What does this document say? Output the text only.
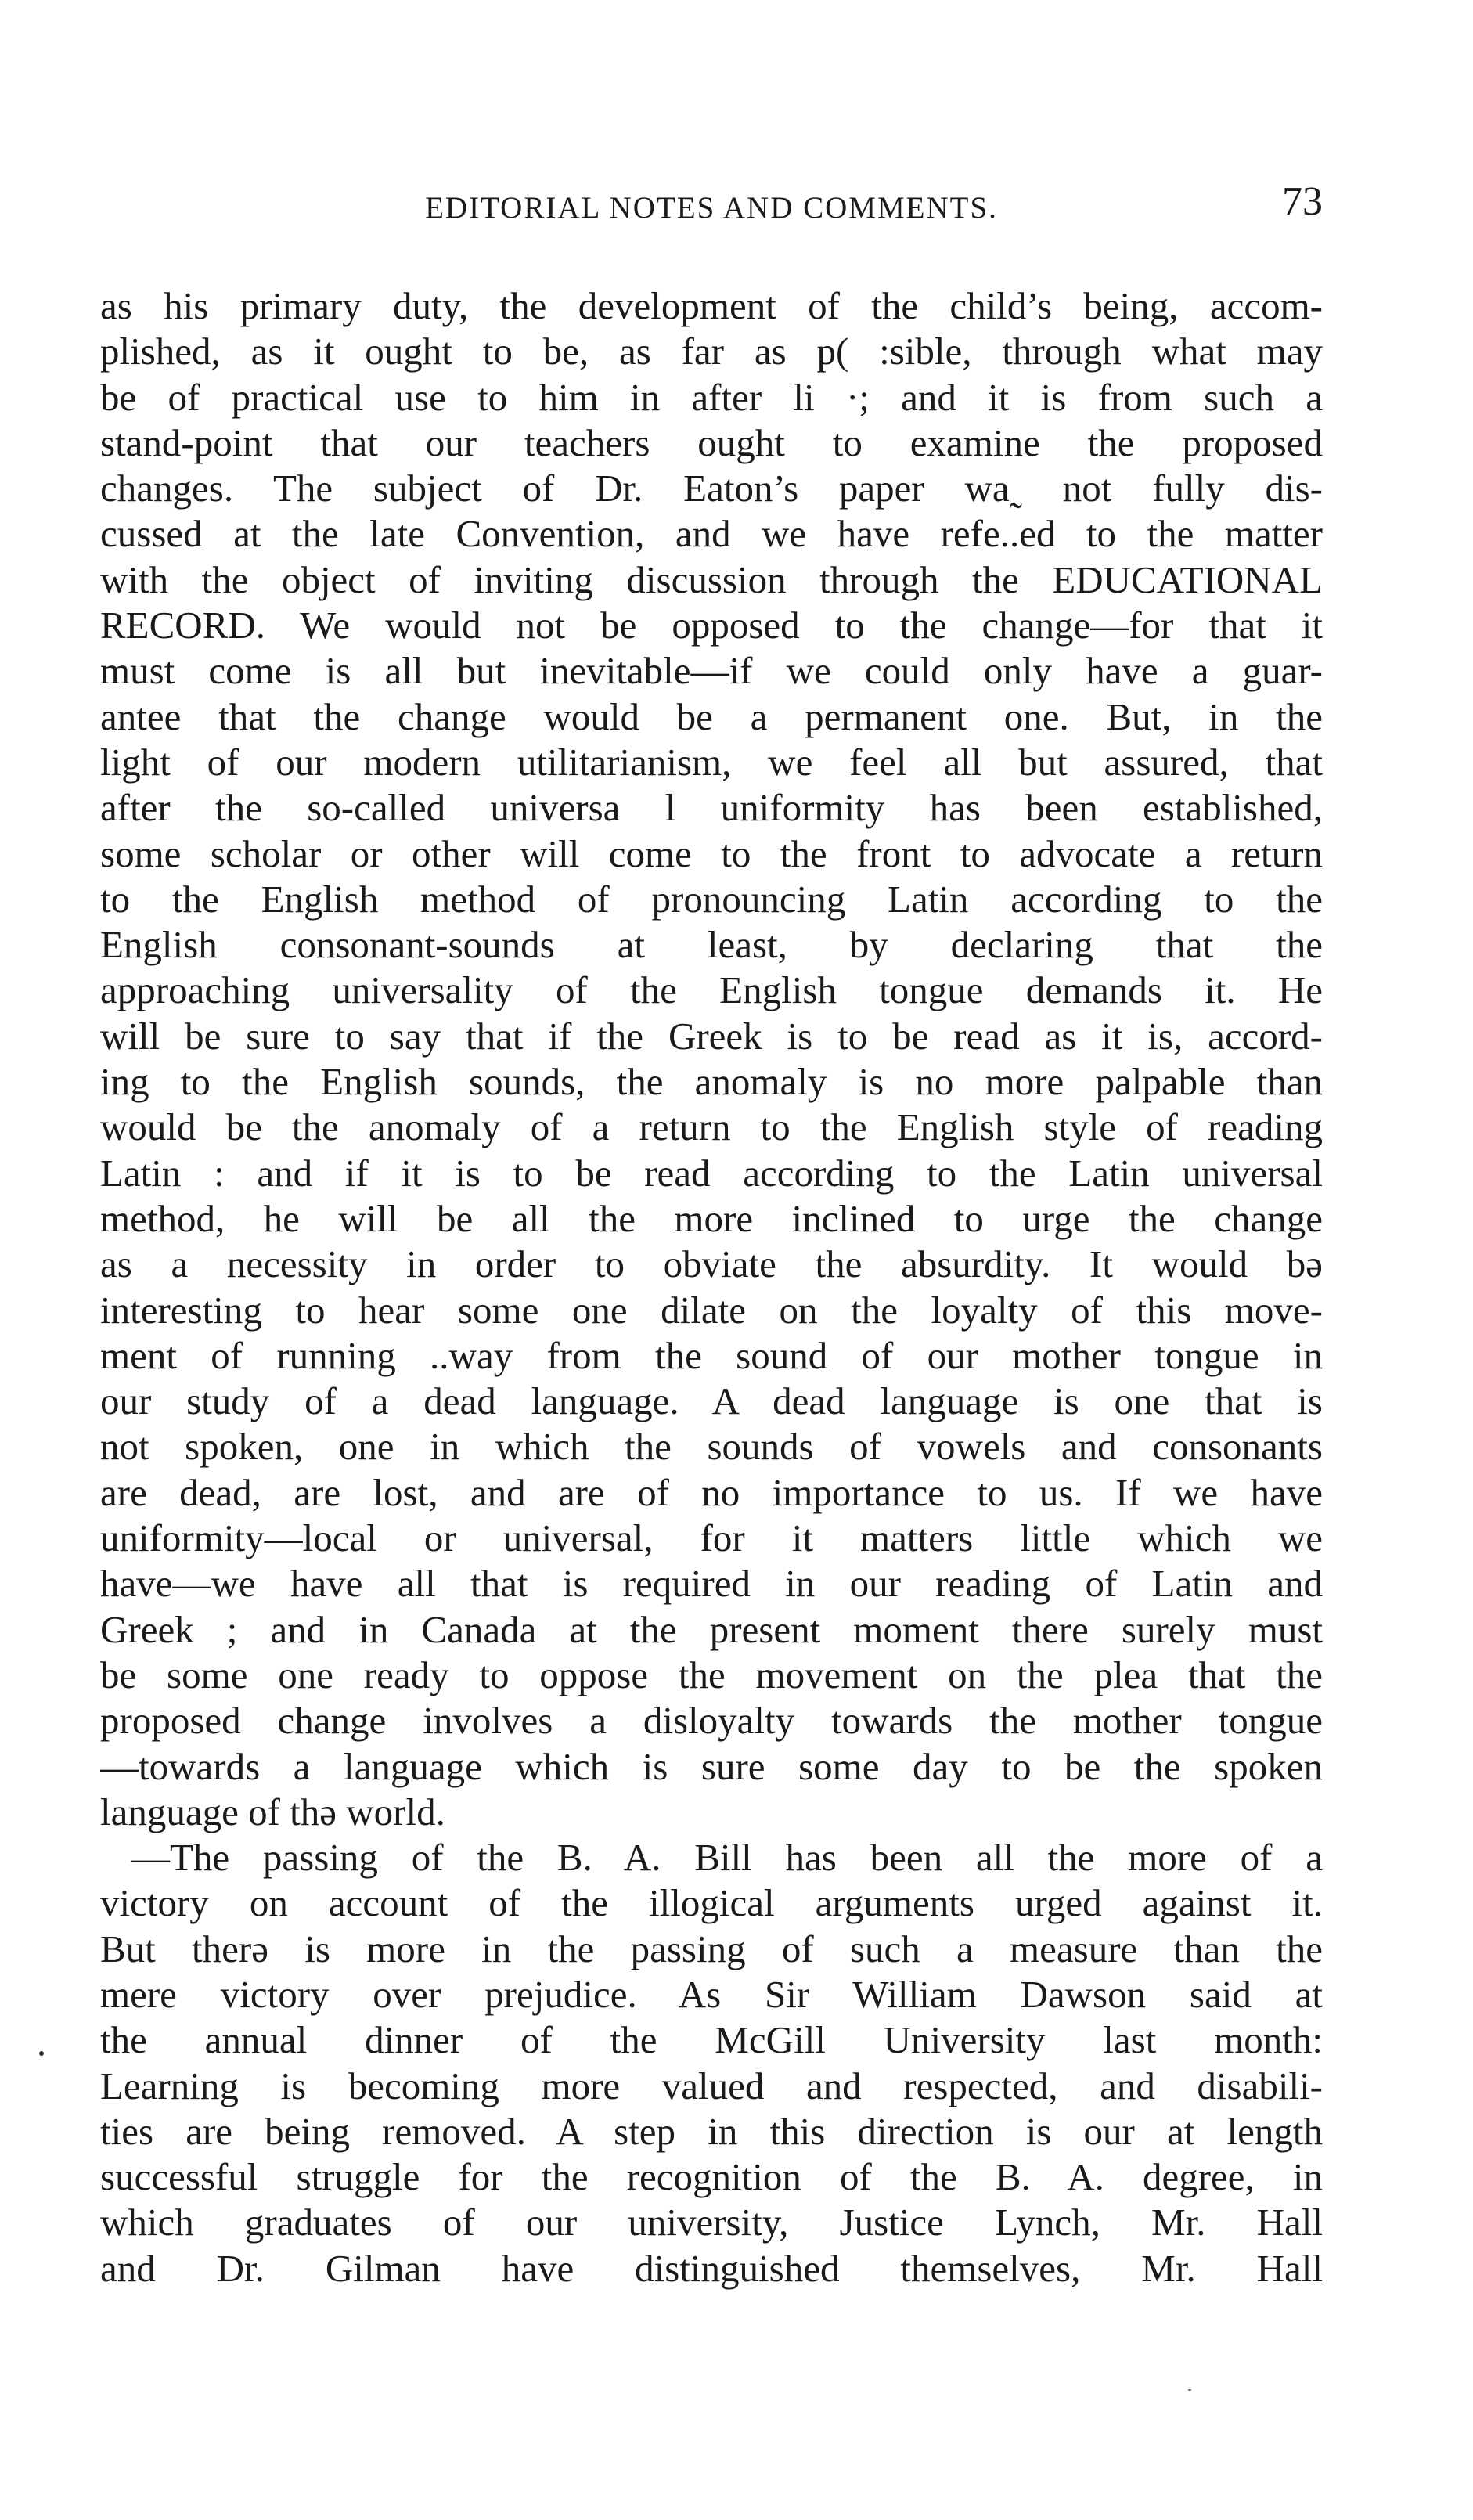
EDITORIAL NOTES AND COMMENTS.	73
as his primary duty, the development of the child’s being, accom-
plished, as it ought to be, as far as p( :sible, through what may
be of practical use to him in after li ·; and it is from such a
stand-point that our teachers ought to examine the proposed
changes. The subject of Dr. Eaton’s paper wa˷ not fully dis-
cussed at the late Convention, and we have refe..ed to the matter
with the object of inviting discussion through the EDUCATIONAL
RECORD. We would not be opposed to the change—for that it
must come is all but inevitable—if we could only have a guar-
antee that the change would be a permanent one. But, in the
light of our modern utilitarianism, we feel all but assured, that
after the so-called universa l uniformity has been established,
some scholar or other will come to the front to advocate a return
to the English method of pronouncing Latin according to the
English consonant-sounds at least, by declaring that the
approaching universality of the English tongue demands it. He
will be sure to say that if the Greek is to be read as it is, accord-
ing to the English sounds, the anomaly is no more palpable than
would be the anomaly of a return to the English style of reading
Latin : and if it is to be read according to the Latin universal
method, he will be all the more inclined to urge the change
as a necessity in order to obviate the absurdity. It would bə
interesting to hear some one dilate on the loyalty of this move-
ment of running ..way from the sound of our mother tongue in
our study of a dead language. A dead language is one that is
not spoken, one in which the sounds of vowels and consonants
are dead, are lost, and are of no importance to us. If we have
uniformity—local or universal, for it matters little which we
have—we have all that is required in our reading of Latin and
Greek ; and in Canada at the present moment there surely must
be some one ready to oppose the movement on the plea that the
proposed change involves a disloyalty towards the mother tongue
—towards a language which is sure some day to be the spoken
language of thə world.
—The passing of the B. A. Bill has been all the more of a
victory on account of the illogical arguments urged against it.
But therə is more in the passing of such a measure than the
mere victory over prejudice. As Sir William Dawson said at
the annual dinner of the McGill University last month:
Learning is becoming more valued and respected, and disabili-
ties are being removed. A step in this direction is our at length
successful struggle for the recognition of the B. A. degree, in
which graduates of our university, Justice Lynch, Mr. Hall
and Dr. Gilman have distinguished themselves, Mr. Hall
